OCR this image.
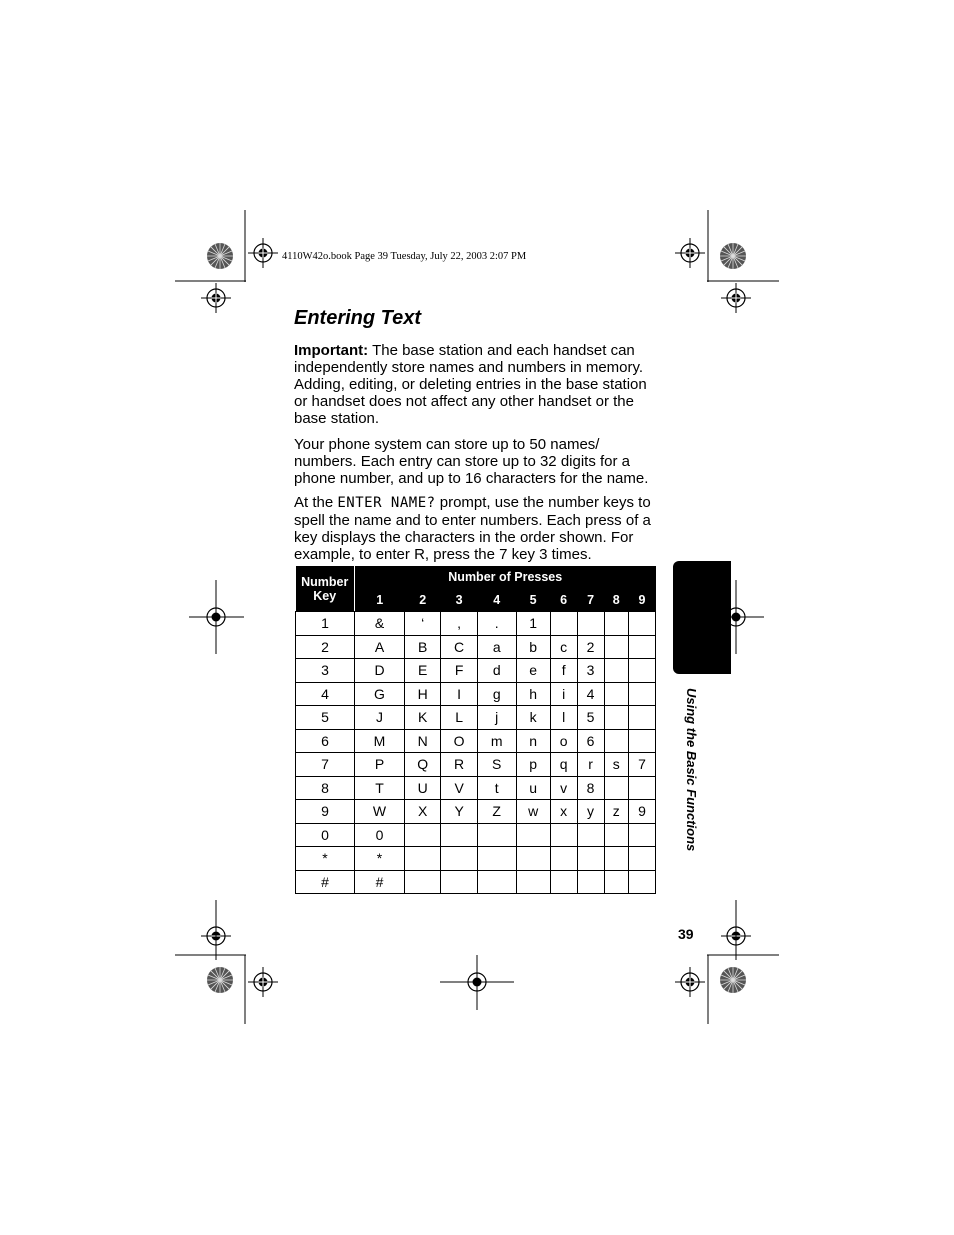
4110W42o.book Page 39 Tuesday, July 22, 2003 2:07 PM
Entering Text

Important: The base station and each handset can independently store names and numbers in memory. Adding, editing, or deleting entries in the base station or handset does not affect any other handset or the base station.

Your phone system can store up to 50 names/ numbers. Each entry can store up to 32 digits for a phone number, and up to 16 characters for the name.

At the ENTER NAME? prompt, use the number keys to spell the name and to enter numbers. Each press of a key displays the characters in the order shown. For example, to enter R, press the 7 key 3 times.

Number
Key	Number of Presses								
	1	2	3	4	5	6	7	8	9

1	&	‘	,	.	1				
2	A	B	C	a	b	c	2		
3	D	E	F	d	e	f	3		
4	G	H	I	g	h	i	4		
5	J	K	L	j	k	l	5		
6	M	N	O	m	n	o	6		
7	P	Q	R	S	p	q	r	s	7
8	T	U	V	t	u	v	8		
9	W	X	Y	Z	w	x	y	z	9
0	0								
*	*								
#	#								
Using the Basic Functions
39
